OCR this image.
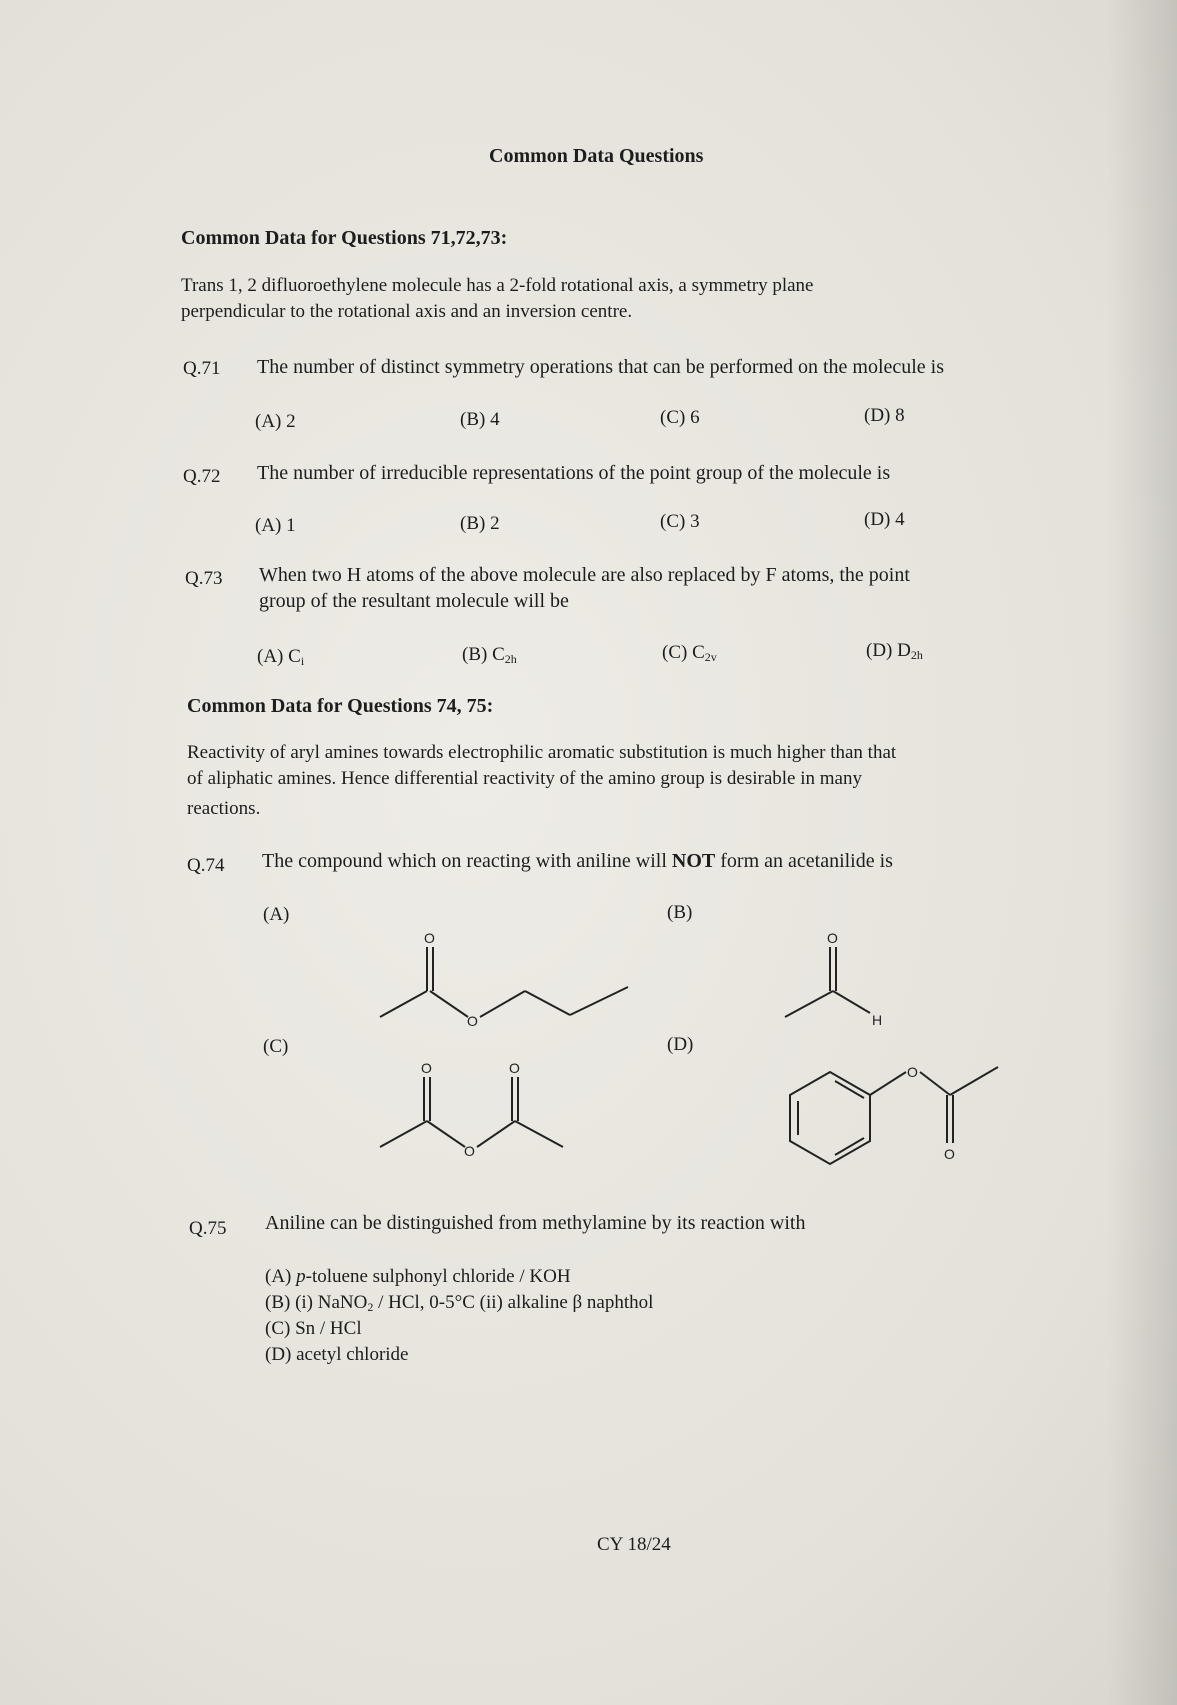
Common Data Questions
Common Data for Questions 71,72,73:
Trans 1, 2 difluoroethylene molecule has a 2-fold rotational axis, a symmetry plane
perpendicular to the rotational axis and an inversion centre.
Q.71 The number of distinct symmetry operations that can be performed on the molecule is
(A) 2	(B) 4	(C) 6	(D) 8
Q.72 The number of irreducible representations of the point group of the molecule is
(A) 1	(B) 2	(C) 3	(D) 4
Q.73 When two H atoms of the above molecule are also replaced by F atoms, the point
group of the resultant molecule will be
(A) $C_i$	(B) $C_{2h}$	(C) $C_{2v}$	(D) $D_{2h}$
Common Data for Questions 74, 75:
Reactivity of aryl amines towards electrophilic aromatic substitution is much higher than that
of aliphatic amines. Hence differential reactivity of the amino group is desirable in many
reactions.
Q.74 The compound which on reacting with aniline will NOT form an acetanilide is
(A)	(B)
(C)	(D)
O
O
O
H
O	O
O
O
O
Q.75 Aniline can be distinguished from methylamine by its reaction with
(A) p-toluene sulphonyl chloride / KOH
(B) (i) NaNO$_2$ / HCl, 0-5°C (ii) alkaline β naphthol
(C) Sn / HCl
(D) acetyl chloride
CY 18/24
